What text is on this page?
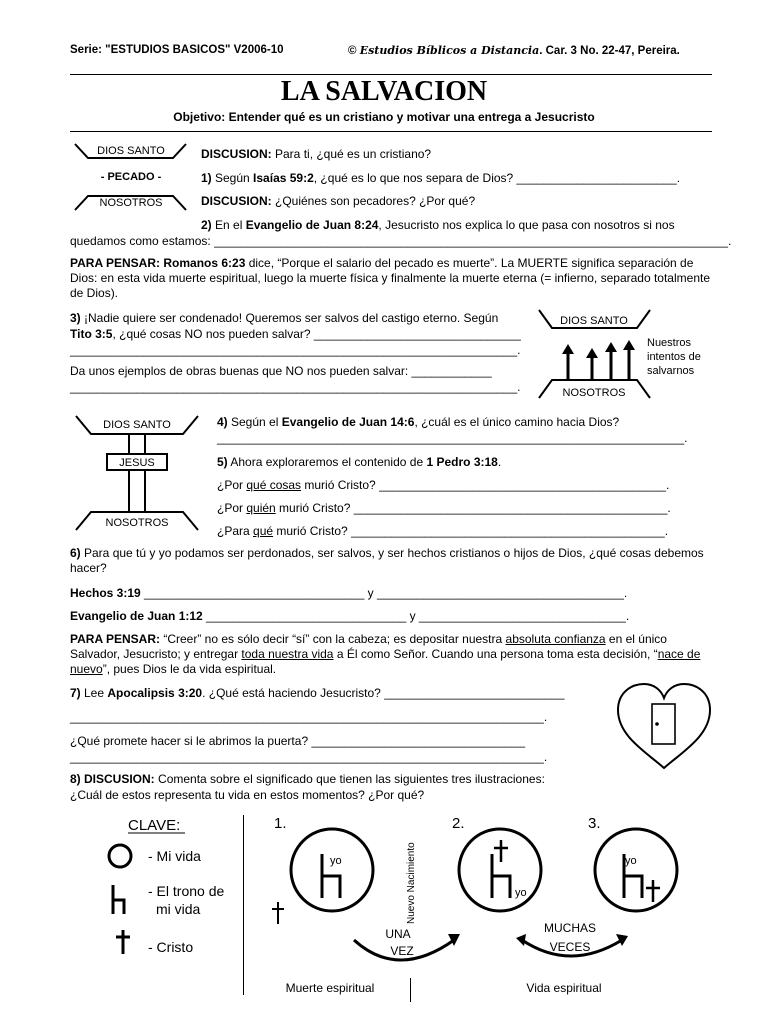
Serie: "ESTUDIOS BASICOS" V2006-10	© Estudios Bíblicos a Distancia. Car. 3 No. 22-47, Pereira.
LA SALVACION
Objetivo: Entender qué es un cristiano y motivar una entrega a Jesucristo
DIOS SANTO
- PECADO -
NOSOTROS
DISCUSION: Para ti, ¿qué es un cristiano?
1) Según Isaías 59:2, ¿qué es lo que nos separa de Dios? ________________________.
DISCUSION: ¿Quiénes son pecadores? ¿Por qué?
2) En el Evangelio de Juan 8:24, Jesucristo nos explica lo que pasa con nosotros si nos
quedamos como estamos: _____________________________________________________________________________.
PARA PENSAR: Romanos 6:23 dice, “Porque el salario del pecado es muerte”. La MUERTE significa separación de Dios: en esta vida muerte espiritual, luego la muerte física y finalmente la muerte eterna (= infierno, separado totalmente de Dios).
3) ¡Nadie quiere ser condenado! Queremos ser salvos del castigo eterno. Según
Tito 3:5, ¿qué cosas NO nos pueden salvar? _______________________________
___________________________________________________________________.
Da unos ejemplos de obras buenas que NO nos pueden salvar: ____________
___________________________________________________________________.
DIOS SANTO
NOSOTROS
Nuestros
intentos de
salvarnos
DIOS SANTO
JESUS
NOSOTROS
4) Según el Evangelio de Juan 14:6, ¿cuál es el único camino hacia Dios?
______________________________________________________________________.
5) Ahora exploraremos el contenido de 1 Pedro 3:18.
¿Por qué cosas murió Cristo? ___________________________________________.
¿Por quién murió Cristo? _______________________________________________.
¿Para qué murió Cristo? _______________________________________________.
6) Para que tú y yo podamos ser perdonados, ser salvos, y ser hechos cristianos o hijos de Dios, ¿qué cosas debemos hacer?
Hechos 3:19 _________________________________ y _____________________________________.
Evangelio de Juan 1:12 ______________________________ y _______________________________.
PARA PENSAR: “Creer” no es sólo decir “sí” con la cabeza; es depositar nuestra absoluta confianza en el único Salvador, Jesucristo; y entregar toda nuestra vida a Él como Señor. Cuando una persona toma esta decisión, “nace de nuevo”, pues Dios le da vida espiritual.
7) Lee Apocalipsis 3:20. ¿Qué está haciendo Jesucristo? ___________________________
_______________________________________________________________________.
¿Qué promete hacer si le abrimos la puerta? ________________________________
_______________________________________________________________________.
8) DISCUSION: Comenta sobre el significado que tienen las siguientes tres ilustraciones:
¿Cuál de estos representa tu vida en estos momentos? ¿Por qué?
CLAVE:
- Mi vida
- El trono de
mi vida
- Cristo
1.
yo	Nuevo Nacimiento
2.
yo
3.
yo
UNA
VEZ
MUCHAS
VECES
Muerte espiritual	Vida espiritual
